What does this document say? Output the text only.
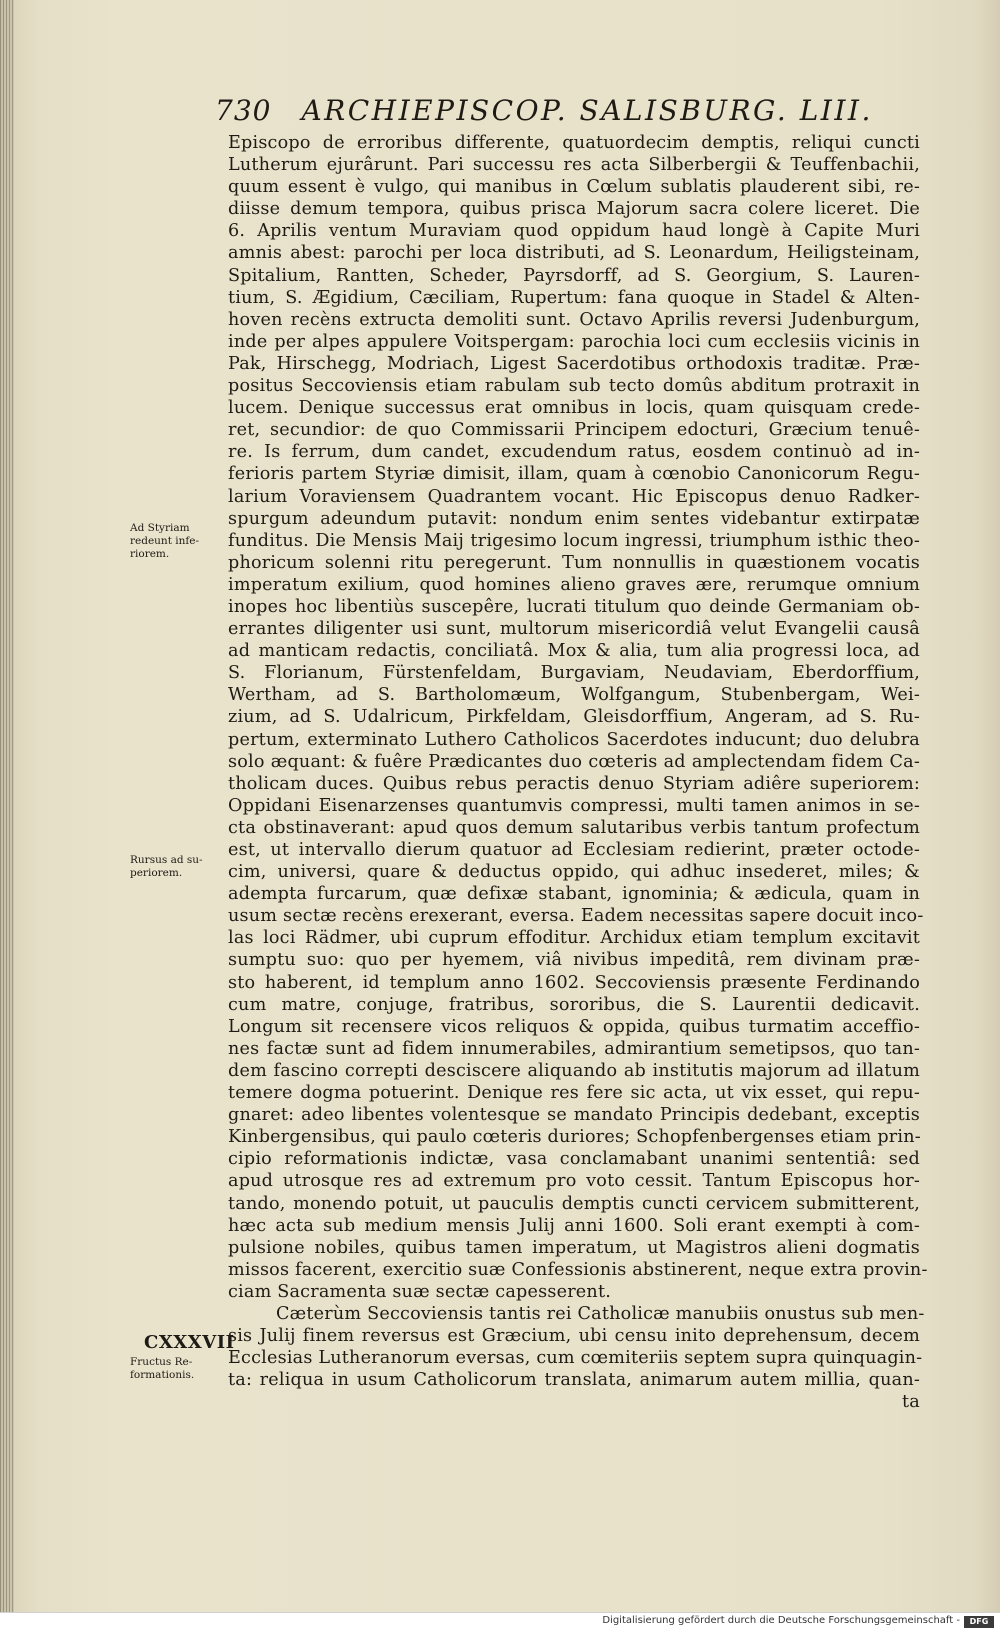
730 ARCHIEPISCOP. SALISBURG. LIII.
Ad Styriam
redeunt infe-
riorem.
Rursus ad su-
periorem.
CXXXVII
Fructus Re-
formationis.
Episcopo de erroribus differente, quatuordecim demptis, reliqui cuncti
Lutherum ejurârunt. Pari successu res acta Silberbergii & Teuffenbachii,
quum essent è vulgo, qui manibus in Cœlum sublatis plauderent sibi, re-
diisse demum tempora, quibus prisca Majorum sacra colere liceret. Die
6. Aprilis ventum Muraviam quod oppidum haud longè à Capite Muri
amnis abest: parochi per loca distributi, ad S. Leonardum, Heiligsteinam,
Spitalium, Rantten, Scheder, Payrsdorff, ad S. Georgium, S. Lauren-
tium, S. Ægidium, Cæciliam, Rupertum: fana quoque in Stadel & Alten-
hoven recèns extructa demoliti sunt. Octavo Aprilis reversi Judenburgum,
inde per alpes appulere Voitspergam: parochia loci cum ecclesiis vicinis in
Pak, Hirschegg, Modriach, Ligest Sacerdotibus orthodoxis traditæ. Præ-
positus Seccoviensis etiam rabulam sub tecto domûs abditum protraxit in
lucem. Denique successus erat omnibus in locis, quam quisquam crede-
ret, secundior: de quo Commissarii Principem edocturi, Græcium tenuê-
re. Is ferrum, dum candet, excudendum ratus, eosdem continuò ad in-
ferioris partem Styriæ dimisit, illam, quam à cœnobio Canonicorum Regu-
larium Voraviensem Quadrantem vocant. Hic Episcopus denuo Radker-
spurgum adeundum putavit: nondum enim sentes videbantur extirpatæ
funditus. Die Mensis Maij trigesimo locum ingressi, triumphum isthic theo-
phoricum solenni ritu peregerunt. Tum nonnullis in quæstionem vocatis
imperatum exilium, quod homines alieno graves ære, rerumque omnium
inopes hoc libentiùs suscepêre, lucrati titulum quo deinde Germaniam ob-
errantes diligenter usi sunt, multorum misericordiâ velut Evangelii causâ
ad manticam redactis, conciliatâ. Mox & alia, tum alia progressi loca, ad
S. Florianum, Fürstenfeldam, Burgaviam, Neudaviam, Eberdorffium,
Wertham, ad S. Bartholomæum, Wolfgangum, Stubenbergam, Wei-
zium, ad S. Udalricum, Pirkfeldam, Gleisdorffium, Angeram, ad S. Ru-
pertum, exterminato Luthero Catholicos Sacerdotes inducunt; duo delubra
solo æquant: & fuêre Prædicantes duo cœteris ad amplectendam fidem Ca-
tholicam duces. Quibus rebus peractis denuo Styriam adiêre superiorem:
Oppidani Eisenarzenses quantumvis compressi, multi tamen animos in se-
cta obstinaverant: apud quos demum salutaribus verbis tantum profectum
est, ut intervallo dierum quatuor ad Ecclesiam redierint, præter octode-
cim, universi, quare & deductus oppido, qui adhuc insederet, miles; &
adempta furcarum, quæ defixæ stabant, ignominia; & ædicula, quam in
usum sectæ recèns erexerant, eversa. Eadem necessitas sapere docuit inco-
las loci Rädmer, ubi cuprum effoditur. Archidux etiam templum excitavit
sumptu suo: quo per hyemem, viâ nivibus impeditâ, rem divinam præ-
sto haberent, id templum anno 1602. Seccoviensis præsente Ferdinando
cum matre, conjuge, fratribus, sororibus, die S. Laurentii dedicavit.
Longum sit recensere vicos reliquos & oppida, quibus turmatim acceffio-
nes factæ sunt ad fidem innumerabiles, admirantium semetipsos, quo tan-
dem fascino correpti desciscere aliquando ab institutis majorum ad illatum
temere dogma potuerint. Denique res fere sic acta, ut vix esset, qui repu-
gnaret: adeo libentes volentesque se mandato Principis dedebant, exceptis
Kinbergensibus, qui paulo cœteris duriores; Schopfenbergenses etiam prin-
cipio reformationis indictæ, vasa conclamabant unanimi sententiâ: sed
apud utrosque res ad extremum pro voto cessit. Tantum Episcopus hor-
tando, monendo potuit, ut pauculis demptis cuncti cervicem submitterent,
hæc acta sub medium mensis Julij anni 1600. Soli erant exempti à com-
pulsione nobiles, quibus tamen imperatum, ut Magistros alieni dogmatis
missos facerent, exercitio suæ Confessionis abstinerent, neque extra provin-
ciam Sacramenta suæ sectæ capesserent.
Cæterùm Seccoviensis tantis rei Catholicæ manubiis onustus sub men-
sis Julij finem reversus est Græcium, ubi censu inito deprehensum, decem
Ecclesias Lutheranorum eversas, cum cœmiteriis septem supra quinquagin-
ta: reliqua in usum Catholicorum translata, animarum autem millia, quan-
ta
Digitalisierung gefördert durch die Deutsche Forschungsgemeinschaft -	DFG
